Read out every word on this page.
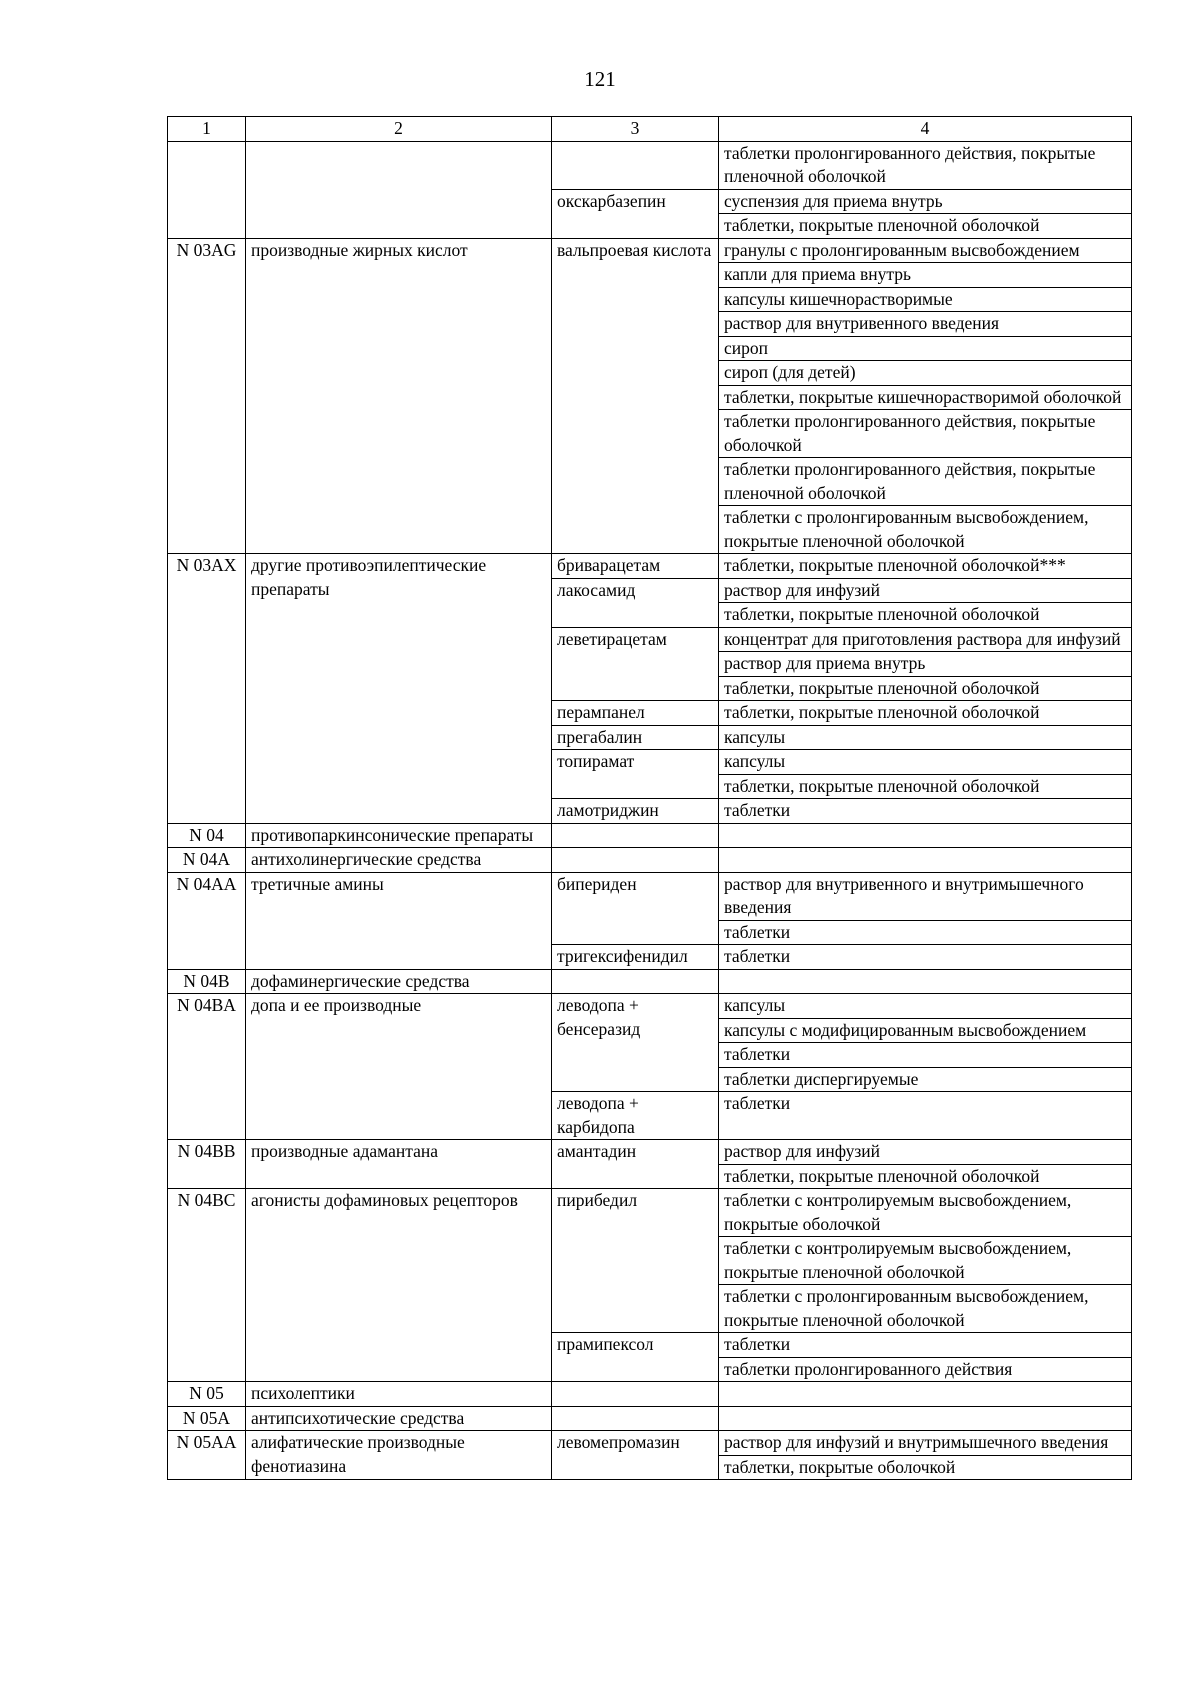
121
1	2	3	4
			таблетки пролонгированного действия, покрытые пленочной оболочкой
		окскарбазепин	суспензия для приема внутрь
			таблетки, покрытые пленочной оболочкой
N 03AG	производные жирных кислот	вальпроевая кислота	гранулы с пролонгированным высвобождением
			капли для приема внутрь
			капсулы кишечнорастворимые
			раствор для внутривенного введения
			сироп
			сироп (для детей)
			таблетки, покрытые кишечнорастворимой оболочкой
			таблетки пролонгированного действия, покрытые оболочкой
			таблетки пролонгированного действия, покрытые пленочной оболочкой
			таблетки с пролонгированным высвобождением, покрытые пленочной оболочкой
N 03AX	другие противоэпилептические препараты	бриварацетам	таблетки, покрытые пленочной оболочкой***
		лакосамид	раствор для инфузий
			таблетки, покрытые пленочной оболочкой
		леветирацетам	концентрат для приготовления раствора для инфузий
			раствор для приема внутрь
			таблетки, покрытые пленочной оболочкой
		перампанел	таблетки, покрытые пленочной оболочкой
		прегабалин	капсулы
		топирамат	капсулы
			таблетки, покрытые пленочной оболочкой
		ламотриджин	таблетки
N 04	противопаркинсонические препараты		
N 04A	антихолинергические средства		
N 04AA	третичные амины	бипериден	раствор для внутривенного и внутримышечного введения
			таблетки
		тригексифенидил	таблетки
N 04B	дофаминергические средства		
N 04BA	допа и ее производные	леводопа + бенсеразид	капсулы
			капсулы с модифицированным высвобождением
			таблетки
			таблетки диспергируемые
		леводопа + карбидопа	таблетки
N 04BB	производные адамантана	амантадин	раствор для инфузий
			таблетки, покрытые пленочной оболочкой
N 04BC	агонисты дофаминовых рецепторов	пирибедил	таблетки с контролируемым высвобождением, покрытые оболочкой
			таблетки с контролируемым высвобождением, покрытые пленочной оболочкой
			таблетки с пролонгированным высвобождением, покрытые пленочной оболочкой
		прамипексол	таблетки
			таблетки пролонгированного действия
N 05	психолептики		
N 05A	антипсихотические средства		
N 05AA	алифатические производные фенотиазина	левомепромазин	раствор для инфузий и внутримышечного введения
			таблетки, покрытые оболочкой
